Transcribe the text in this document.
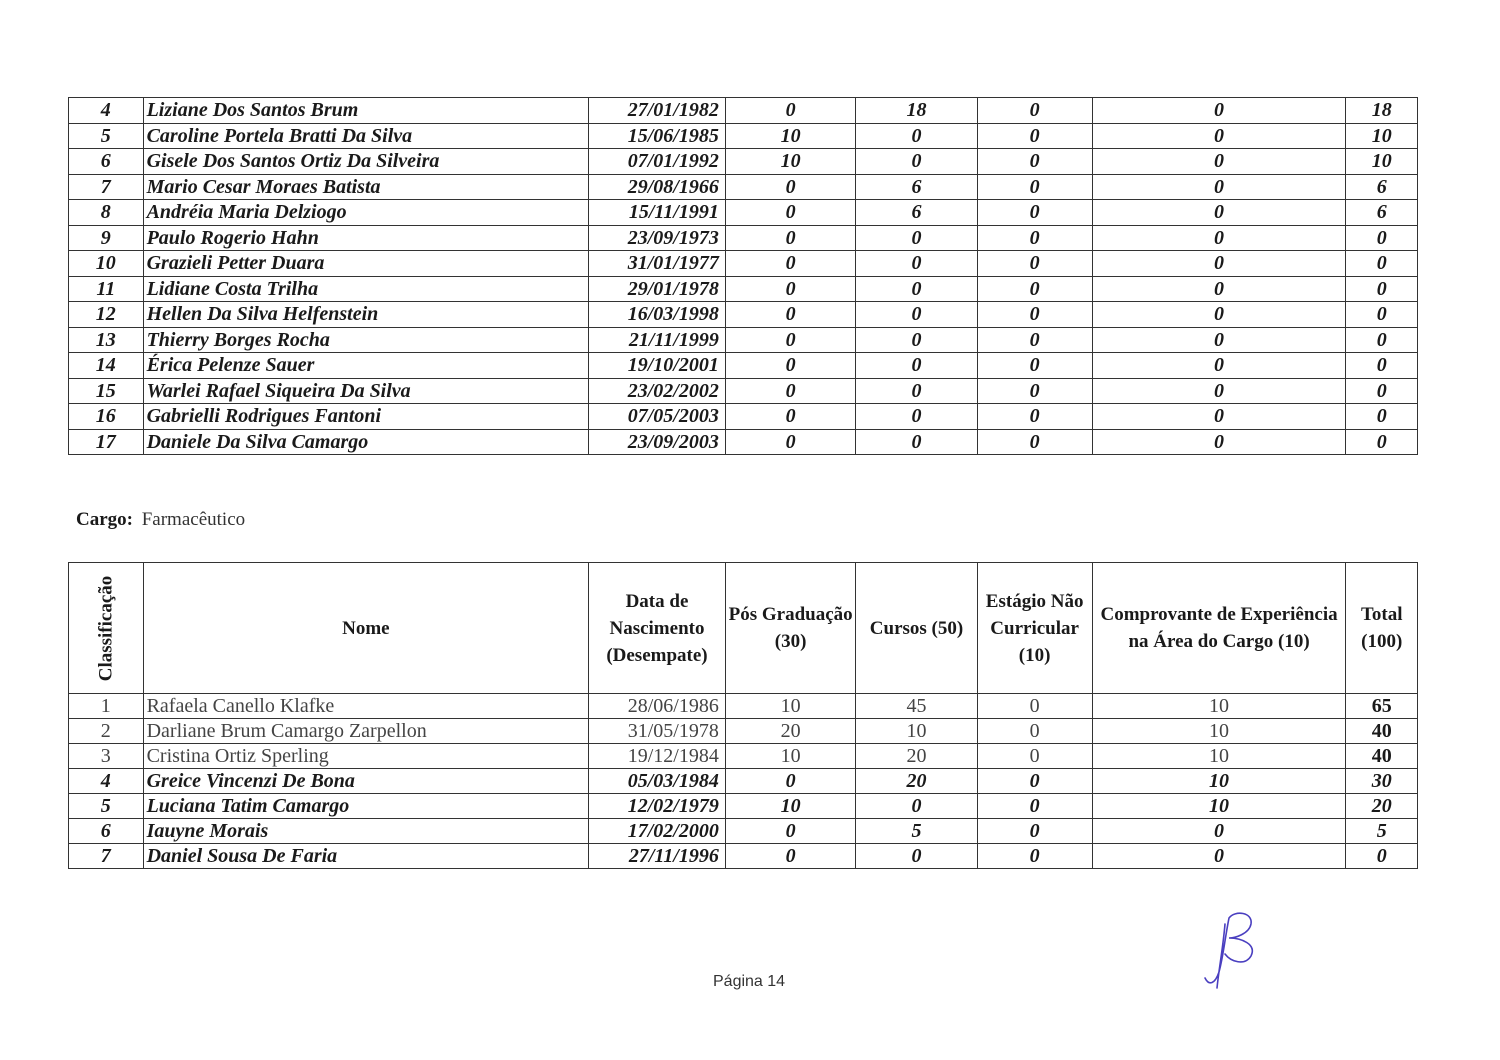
4	Liziane Dos Santos Brum	27/01/1982	0	18	0	0	18
5	Caroline Portela Bratti Da Silva	15/06/1985	10	0	0	0	10
6	Gisele Dos Santos Ortiz Da Silveira	07/01/1992	10	0	0	0	10
7	Mario Cesar Moraes Batista	29/08/1966	0	6	0	0	6
8	Andréia Maria Delziogo	15/11/1991	0	6	0	0	6
9	Paulo Rogerio Hahn	23/09/1973	0	0	0	0	0
10	Grazieli Petter Duara	31/01/1977	0	0	0	0	0
11	Lidiane Costa Trilha	29/01/1978	0	0	0	0	0
12	Hellen Da Silva Helfenstein	16/03/1998	0	0	0	0	0
13	Thierry Borges Rocha	21/11/1999	0	0	0	0	0
14	Érica Pelenze Sauer	19/10/2001	0	0	0	0	0
15	Warlei Rafael Siqueira Da Silva	23/02/2002	0	0	0	0	0
16	Gabrielli Rodrigues Fantoni	07/05/2003	0	0	0	0	0
17	Daniele Da Silva Camargo	23/09/2003	0	0	0	0	0
Cargo: Farmacêutico
Classificação	Nome	Data de Nascimento (Desempate)	Pós Graduação (30)	Cursos (50)	Estágio Não Curricular (10)	Comprovante de Experiência na Área do Cargo (10)	Total (100)
1	Rafaela Canello Klafke	28/06/1986	10	45	0	10	65
2	Darliane Brum Camargo Zarpellon	31/05/1978	20	10	0	10	40
3	Cristina Ortiz Sperling	19/12/1984	10	20	0	10	40
4	Greice Vincenzi De Bona	05/03/1984	0	20	0	10	30
5	Luciana Tatim Camargo	12/02/1979	10	0	0	10	20
6	Iauyne Morais	17/02/2000	0	5	0	0	5
7	Daniel Sousa De Faria	27/11/1996	0	0	0	0	0
Página 14
